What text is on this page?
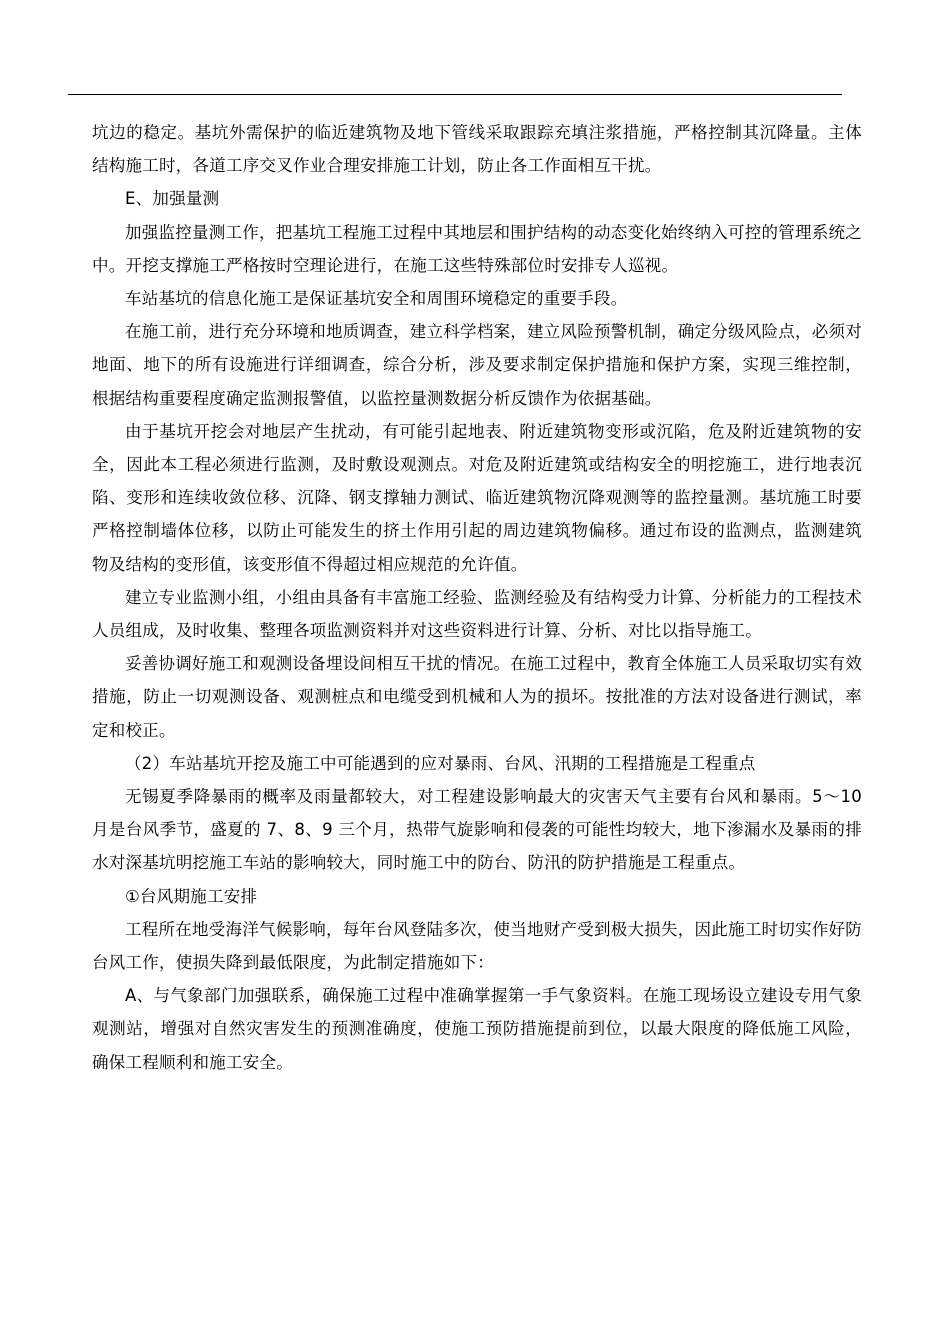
坑边的稳定。基坑外需保护的临近建筑物及地下管线采取跟踪充填注浆措施，严格控制其沉降量。主体结构施工时，各道工序交叉作业合理安排施工计划，防止各工作面相互干扰。

E、加强量测

加强监控量测工作，把基坑工程施工过程中其地层和围护结构的动态变化始终纳入可控的管理系统之中。开挖支撑施工严格按时空理论进行，在施工这些特殊部位时安排专人巡视。

车站基坑的信息化施工是保证基坑安全和周围环境稳定的重要手段。

在施工前，进行充分环境和地质调查，建立科学档案，建立风险预警机制，确定分级风险点，必须对地面、地下的所有设施进行详细调查，综合分析，涉及要求制定保护措施和保护方案，实现三维控制，根据结构重要程度确定监测报警值，以监控量测数据分析反馈作为依据基础。

由于基坑开挖会对地层产生扰动，有可能引起地表、附近建筑物变形或沉陷，危及附近建筑物的安全，因此本工程必须进行监测，及时敷设观测点。对危及附近建筑或结构安全的明挖施工，进行地表沉陷、变形和连续收敛位移、沉降、钢支撑轴力测试、临近建筑物沉降观测等的监控量测。基坑施工时要严格控制墙体位移，以防止可能发生的挤土作用引起的周边建筑物偏移。通过布设的监测点，监测建筑物及结构的变形值，该变形值不得超过相应规范的允许值。

建立专业监测小组，小组由具备有丰富施工经验、监测经验及有结构受力计算、分析能力的工程技术人员组成，及时收集、整理各项监测资料并对这些资料进行计算、分析、对比以指导施工。

妥善协调好施工和观测设备埋设间相互干扰的情况。在施工过程中，教育全体施工人员采取切实有效措施，防止一切观测设备、观测桩点和电缆受到机械和人为的损坏。按批准的方法对设备进行测试，率定和校正。

（2）车站基坑开挖及施工中可能遇到的应对暴雨、台风、汛期的工程措施是工程重点

无锡夏季降暴雨的概率及雨量都较大，对工程建设影响最大的灾害天气主要有台风和暴雨。5～10 月是台风季节，盛夏的 7、8、9 三个月，热带气旋影响和侵袭的可能性均较大，地下渗漏水及暴雨的排水对深基坑明挖施工车站的影响较大，同时施工中的防台、防汛的防护措施是工程重点。

①台风期施工安排

工程所在地受海洋气候影响，每年台风登陆多次，使当地财产受到极大损失，因此施工时切实作好防台风工作，使损失降到最低限度，为此制定措施如下：

A、与气象部门加强联系，确保施工过程中准确掌握第一手气象资料。在施工现场设立建设专用气象观测站，增强对自然灾害发生的预测准确度，使施工预防措施提前到位，以最大限度的降低施工风险，确保工程顺利和施工安全。
